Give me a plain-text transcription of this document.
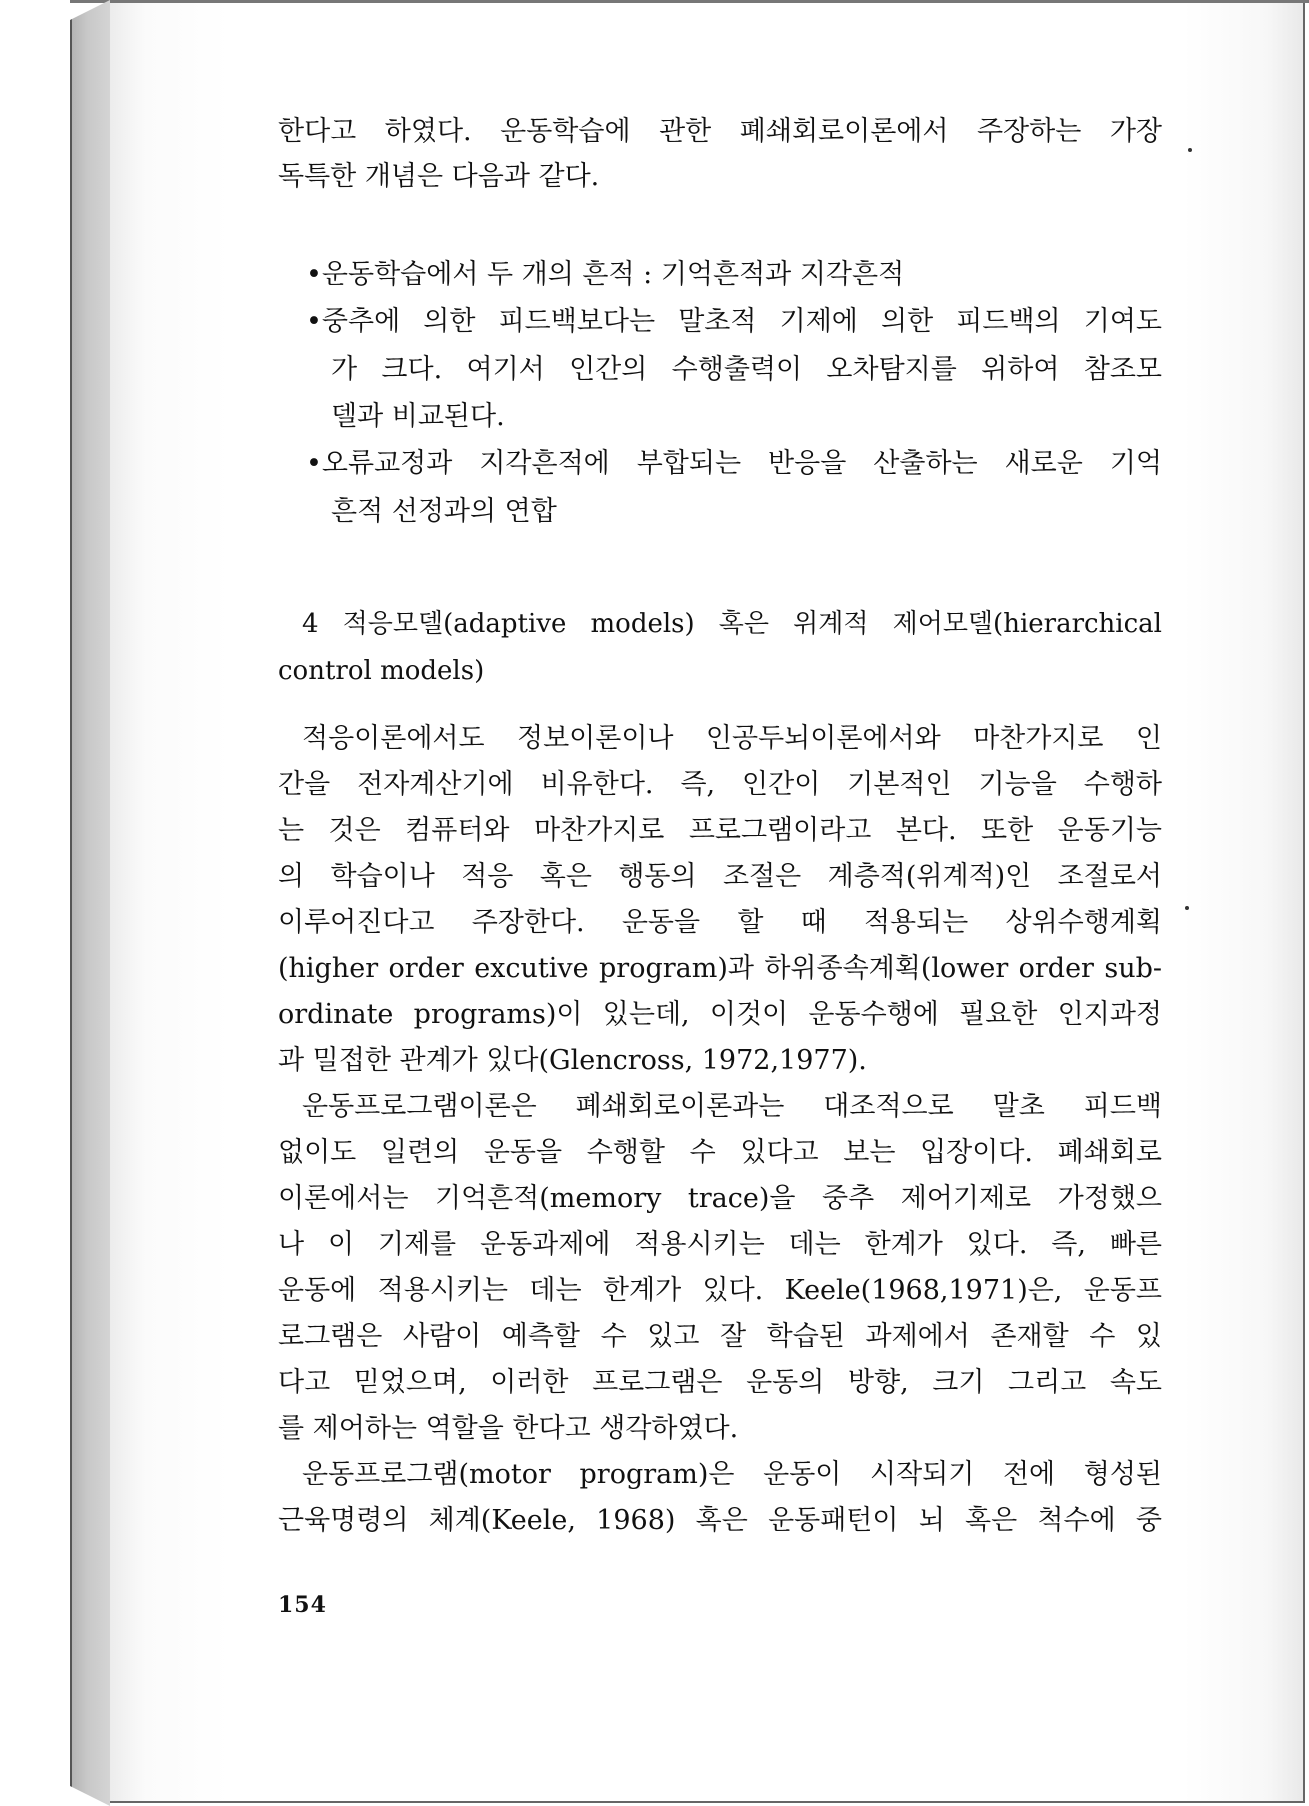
한다고 하였다. 운동학습에 관한 폐쇄회로이론에서 주장하는 가장
독특한 개념은 다음과 같다.
•운동학습에서 두 개의 흔적 : 기억흔적과 지각흔적
•중추에 의한 피드백보다는 말초적 기제에 의한 피드백의 기여도
가 크다. 여기서 인간의 수행출력이 오차탐지를 위하여 참조모
델과 비교된다.
•오류교정과 지각흔적에 부합되는 반응을 산출하는 새로운 기억
흔적 선정과의 연합
4 적응모델(adaptive models) 혹은 위계적 제어모델(hierarchical
control models)
적응이론에서도 정보이론이나 인공두뇌이론에서와 마찬가지로 인
간을 전자계산기에 비유한다. 즉, 인간이 기본적인 기능을 수행하
는 것은 컴퓨터와 마찬가지로 프로그램이라고 본다. 또한 운동기능
의 학습이나 적응 혹은 행동의 조절은 계층적(위계적)인 조절로서
이루어진다고 주장한다. 운동을 할 때 적용되는 상위수행계획
(higher order excutive program)과 하위종속계획(lower order sub-
ordinate programs)이 있는데, 이것이 운동수행에 필요한 인지과정
과 밀접한 관계가 있다(Glencross, 1972,1977).
운동프로그램이론은 폐쇄회로이론과는 대조적으로 말초 피드백
없이도 일련의 운동을 수행할 수 있다고 보는 입장이다. 폐쇄회로
이론에서는 기억흔적(memory trace)을 중추 제어기제로 가정했으
나 이 기제를 운동과제에 적용시키는 데는 한계가 있다. 즉, 빠른
운동에 적용시키는 데는 한계가 있다. Keele(1968,1971)은, 운동프
로그램은 사람이 예측할 수 있고 잘 학습된 과제에서 존재할 수 있
다고 믿었으며, 이러한 프로그램은 운동의 방향, 크기 그리고 속도
를 제어하는 역할을 한다고 생각하였다.
운동프로그램(motor program)은 운동이 시작되기 전에 형성된
근육명령의 체계(Keele, 1968) 혹은 운동패턴이 뇌 혹은 척수에 중
154
